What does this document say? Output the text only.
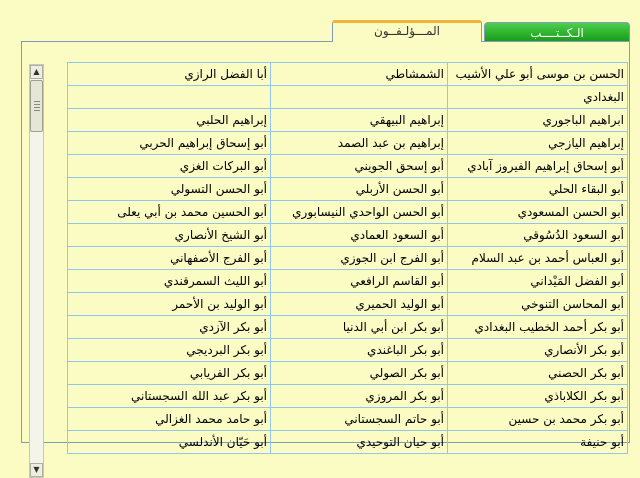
المـــؤلـفــون	الـكــتــــب
▲
▼
الحسن بن موسى أبو علي الأشيب	الشمشاطي	أبا الفضل الرازي
البغدادي		
ابراهيم الباجوري	إبراهيم البيهقي	إبراهيم الحلبي
إبراهيم اليازجي	إبراهيم بن عبد الصمد	أبو إسحاق إبراهيم الحربي
أبو إسحاق إبراهيم الفيروز آبادي	أبو إسحق الجويني	أبو البركات الغزي
أبو البقاء الحلي	أبو الحسن الأربلي	أبو الحسن التسولي
أبو الحسن المسعودي	أبو الحسن الواحدي النيسابوري	أبو الحسين محمد بن أبي يعلى
أبو السعود الدُسُوقي	أبو السعود العمادي	أبو الشيخ الأنصاري
أبو العباس أحمد بن عبد السلام	أبو الفرج ابن الجوزي	أبو الفرج الأصفهاني
أبو الفضل المَيْداني	أبو القاسم الرافعي	أبو الليث السمرقندي
أبو المحاسن التنوخي	أبو الوليد الحميري	أبو الوليد بن الأحمر
أبو بكر أحمد الخطيب البغدادي	أبو بكر ابن أبي الدنيا	أبو بكر الآزدي
أبو بكر الأنصاري	أبو بكر الباغندي	أبو بكر البرديجي
أبو بكر الحصني	أبو بكر الصولي	أبو بكر الفريابي
أبو بكر الكلاباذي	أبو بكر المروزي	أبو بكر عبد الله السجستاني
أبو بكر محمد بن حسين	أبو حاتم السجستاني	أبو حامد محمد الغزالي
أبو حنيفة	أبو حيان التوحيدي	أبو حَيّان الأندلسي
